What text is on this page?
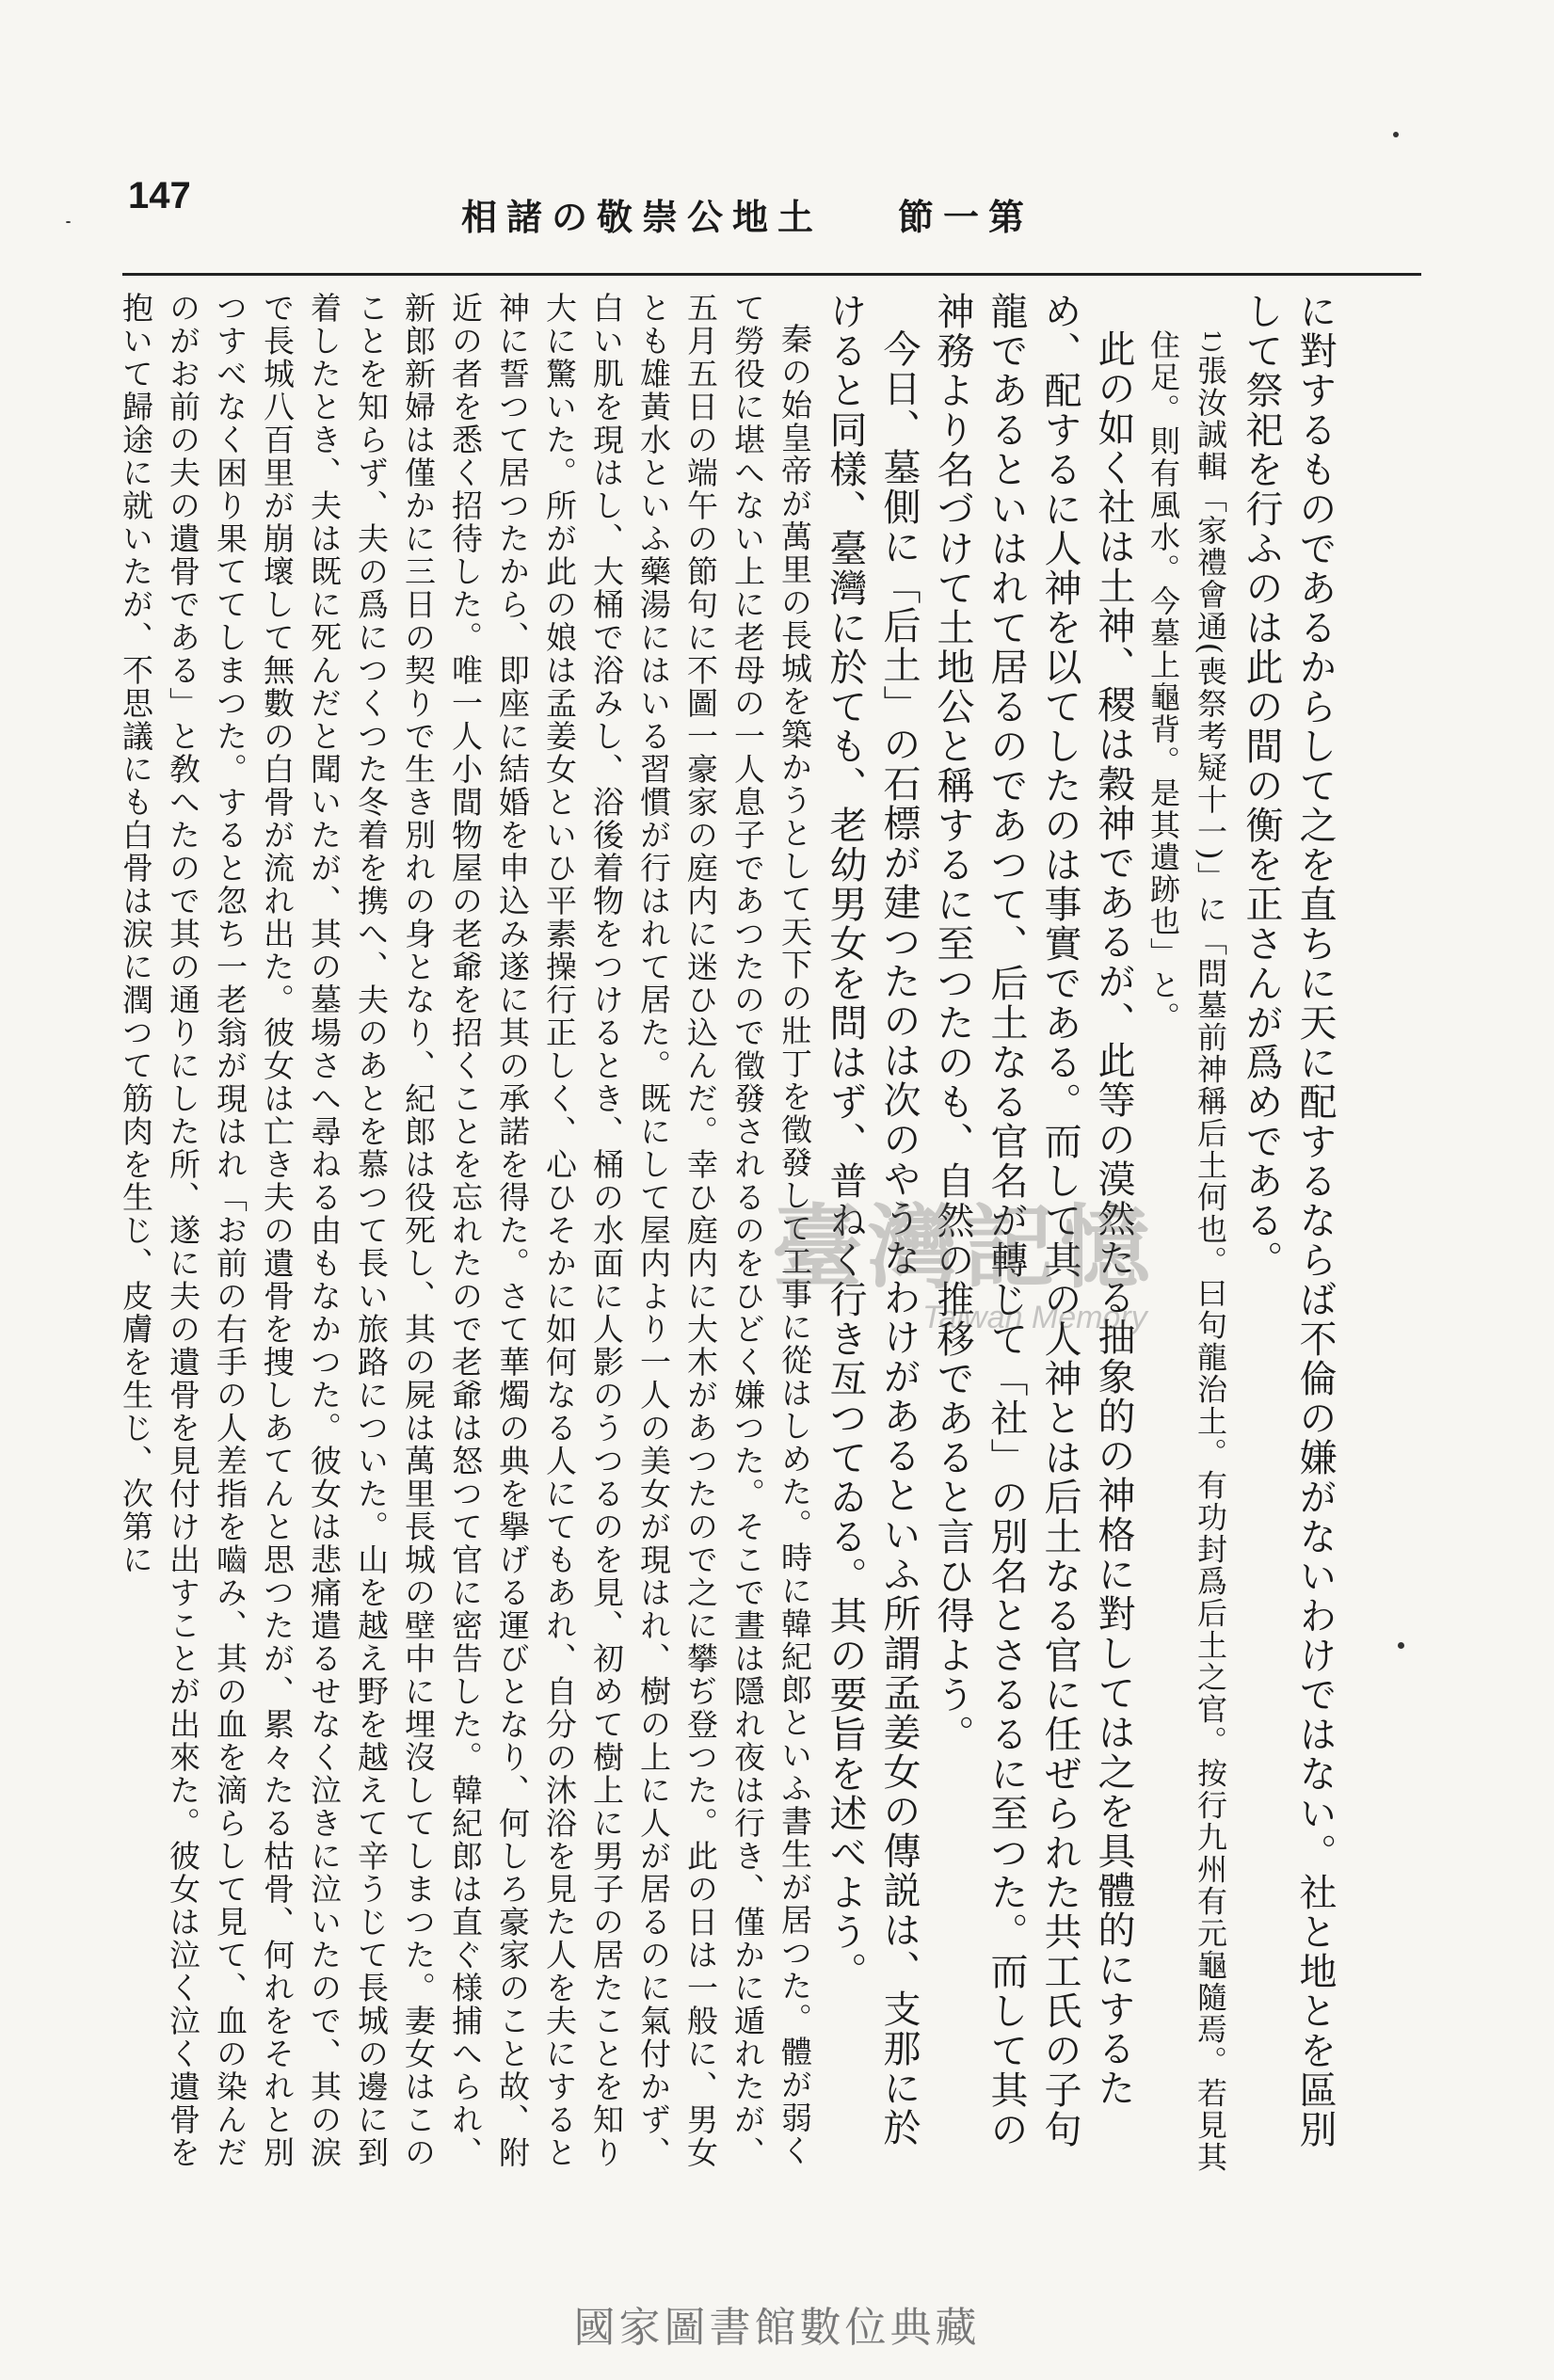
147	相諸の敬崇公地土 節一第

に對するものであるからして之を直ちに天に配するならば不倫の嫌がないわけではない。社と地とを區別して祭祀を行ふのは此の間の衡を正さんが爲めである。

1)張汝誠輯「家禮會通(喪祭考疑十一)」に「問墓前神稱后土何也。曰句龍治土。有功封爲后土之官。按行九州有元龜隨焉。若見其住足。則有風水。今墓上龜背。是其遺跡也」と。

此の如く社は土神、稷は穀神であるが、此等の漠然たる抽象的の神格に對しては之を具體的にするため、配するに人神を以てしたのは事實である。而して其の人神とは后土なる官に任ぜられた共工氏の子句龍であるといはれて居るのであつて、后土なる官名が轉じて「社」の別名とさるるに至つた。而して其の神務より名づけて土地公と稱するに至つたのも、自然の推移であると言ひ得よう。

今日、墓側に「后土」の石標が建つたのは次のやうなわけがあるといふ所謂孟姜女の傳説は、支那に於けると同樣、臺灣に於ても、老幼男女を問はず、普ねく行き亙つてゐる。其の要旨を述べよう。

秦の始皇帝が萬里の長城を築かうとして天下の壯丁を徵發して工事に從はしめた。時に韓紀郎といふ書生が居つた。體が弱くて勞役に堪へない上に老母の一人息子であつたので徵發されるのをひどく嫌つた。そこで晝は隱れ夜は行き、僅かに遁れたが、五月五日の端午の節句に不圖一豪家の庭内に迷ひ込んだ。幸ひ庭内に大木があつたので之に攀ぢ登つた。此の日は一般に、男女とも雄黃水といふ藥湯にはいる習慣が行はれて居た。既にして屋内より一人の美女が現はれ、樹の上に人が居るのに氣付かず、白い肌を現はし、大桶で浴みし、浴後着物をつけるとき、桶の水面に人影のうつるのを見、初めて樹上に男子の居たことを知り大に驚いた。所が此の娘は孟姜女といひ平素操行正しく、心ひそかに如何なる人にてもあれ、自分の沐浴を見た人を夫にすると神に誓つて居つたから、即座に結婚を申込み遂に其の承諾を得た。さて華燭の典を擧げる運びとなり、何しろ豪家のこと故、附近の者を悉く招待した。唯一人小間物屋の老爺を招くことを忘れたので老爺は怒つて官に密告した。韓紀郎は直ぐ様捕へられ、新郎新婦は僅かに三日の契りで生き別れの身となり、紀郎は役死し、其の屍は萬里長城の壁中に埋沒してしまつた。妻女はこのことを知らず、夫の爲につくつた冬着を携へ、夫のあとを慕つて長い旅路についた。山を越え野を越えて辛うじて長城の邊に到着したとき、夫は既に死んだと聞いたが、其の墓場さへ尋ねる由もなかつた。彼女は悲痛遣るせなく泣きに泣いたので、其の涙で長城八百里が崩壞して無數の白骨が流れ出た。彼女は亡き夫の遺骨を捜しあてんと思つたが、累々たる枯骨、何れをそれと別つすべなく困り果ててしまつた。すると忽ち一老翁が現はれ「お前の右手の人差指を嚙み、其の血を滴らして見て、血の染んだのがお前の夫の遺骨である」と敎へたので其の通りにした所、遂に夫の遺骨を見付け出すことが出來た。彼女は泣く泣く遺骨を抱いて歸途に就いたが、不思議にも白骨は涙に潤つて筋肉を生じ、皮膚を生じ、次第に	臺灣記憶
Taiwan Memory
國家圖書館數位典藏
